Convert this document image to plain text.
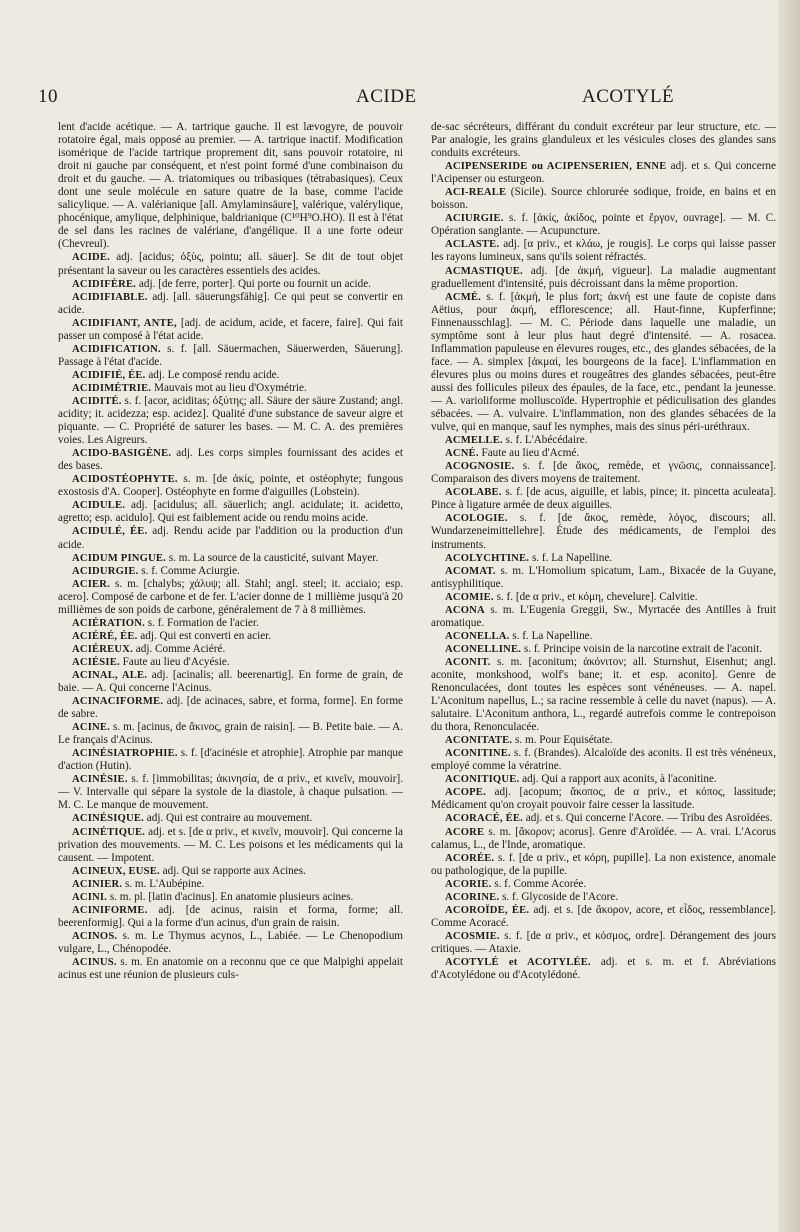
10	ACIDE	ACOTYLÉ

lent d'acide acétique. — A. tartrique gauche. Il est lævogyre, de pouvoir rotatoire égal, mais opposé au premier. — A. tartrique inactif. Modification isomérique de l'acide tartrique proprement dit, sans pouvoir rotatoire, ni droit ni gauche par conséquent, et n'est point formé d'une combinaison du droit et du gauche. — A. triatomiques ou tribasiques (tétrabasiques). Ceux dont une seule molécule en sature quatre de la base, comme l'acide salicylique. — A. valérianique [all. Amylaminsäure], valérique, valérylique, phocénique, amylique, delphinique, baldrianique (C¹⁰H⁹O.HO). Il est à l'état de sel dans les racines de valériane, d'angélique. Il a une forte odeur (Chevreul).

ACIDE. adj. [acidus; ὀξὺς, pointu; all. säuer]. Se dit de tout objet présentant la saveur ou les caractères essentiels des acides.

ACIDIFÈRE. adj. [de ferre, porter]. Qui porte ou fournit un acide.

ACIDIFIABLE. adj. [all. säuerungsfähig]. Ce qui peut se convertir en acide.

ACIDIFIANT, ANTE, [adj. de acidum, acide, et facere, faire]. Qui fait passer un composé à l'état acide.

ACIDIFICATION. s. f. [all. Säuermachen, Säuerwerden, Säuerung]. Passage à l'état d'acide.

ACIDIFIÉ, ÉE. adj. Le composé rendu acide.

ACIDIMÉTRIE. Mauvais mot au lieu d'Oxymétrie.

ACIDITÉ. s. f. [acor, aciditas; ὀξύτης; all. Säure der säure Zustand; angl. acidity; it. acidezza; esp. acidez]. Qualité d'une substance de saveur aigre et piquante. — C. Propriété de saturer les bases. — M. C. A. des premières voies. Les Aigreurs.

ACIDO-BASIGÈNE. adj. Les corps simples fournissant des acides et des bases.

ACIDOSTÉOPHYTE. s. m. [de ἀκίς, pointe, et ostéophyte; fungous exostosis d'A. Cooper]. Ostéophyte en forme d'aiguilles (Lobstein).

ACIDULE. adj. [acidulus; all. säuerlich; angl. acidulate; it. acidetto, agretto; esp. acidulo]. Qui est faiblement acide ou rendu moins acide.

ACIDULÉ, ÉE. adj. Rendu acide par l'addition ou la production d'un acide.

ACIDUM PINGUE. s. m. La source de la causticité, suivant Mayer.

ACIDURGIE. s. f. Comme Aciurgie.

ACIER. s. m. [chalybs; χάλυψ; all. Stahl; angl. steel; it. acciaio; esp. acero]. Composé de carbone et de fer. L'acier donne de 1 millième jusqu'à 20 millièmes de son poids de carbone, généralement de 7 à 8 millièmes.

ACIÉRATION. s. f. Formation de l'acier.

ACIÉRÉ, ÉE. adj. Qui est converti en acier.

ACIÉREUX. adj. Comme Aciéré.

ACIÉSIE. Faute au lieu d'Acyésie.

ACINAL, ALE. adj. [acinalis; all. beerenartig]. En forme de grain, de baie. — A. Qui concerne l'Acinus.

ACINACIFORME. adj. [de acinaces, sabre, et forma, forme]. En forme de sabre.

ACINE. s. m. [acinus, de ἄκινος, grain de raisin]. — B. Petite baie. — A. Le français d'Acinus.

ACINÉSIATROPHIE. s. f. [d'acinésie et atrophie]. Atrophie par manque d'action (Hutin).

ACINÉSIE. s. f. [immobilitas; ἀκινησία, de α priv., et κινεῖν, mouvoir]. — V. Intervalle qui sépare la systole de la diastole, à chaque pulsation. — M. C. Le manque de mouvement.

ACINÉSIQUE. adj. Qui est contraire au mouvement.

ACINÉTIQUE. adj. et s. [de α priv., et κινεῖν, mouvoir]. Qui concerne la privation des mouvements. — M. C. Les poisons et les médicaments qui la causent. — Impotent.

ACINEUX, EUSE. adj. Qui se rapporte aux Acines.

ACINIER. s. m. L'Aubépine.

ACINI. s. m. pl. [latin d'acinus]. En anatomie plusieurs acines.

ACINIFORME. adj. [de acinus, raisin et forma, forme; all. beerenformig]. Qui a la forme d'un acinus, d'un grain de raisin.

ACINOS. s. m. Le Thymus acynos, L., Labiée. — Le Chenopodium vulgare, L., Chénopodée.

ACINUS. s. m. En anatomie on a reconnu que ce que Malpighi appelait acinus est une réunion de plusieurs culs-

de-sac sécréteurs, différant du conduit excréteur par leur structure, etc. — Par analogie, les grains glanduleux et les vésicules closes des glandes sans conduits excréteurs.

ACIPENSERIDE ou ACIPENSERIEN, ENNE adj. et s. Qui concerne l'Acipenser ou esturgeon.

ACI-REALE (Sicile). Source chlorurée sodique, froide, en bains et en boisson.

ACIURGIE. s. f. [ἀκίς, ἀκίδος, pointe et ἔργον, ouvrage]. — M. C. Opération sanglante. — Acupuncture.

ACLASTE. adj. [α priv., et κλάω, je rougis]. Le corps qui laisse passer les rayons lumineux, sans qu'ils soient réfractés.

ACMASTIQUE. adj. [de ἀκμή, vigueur]. La maladie augmentant graduellement d'intensité, puis décroissant dans la même proportion.

ACMÉ. s. f. [ἀκμή, le plus fort; ἀκνή est une faute de copiste dans Aëtius, pour ἀκμή, efflorescence; all. Haut-finne, Kupferfinne; Finnenausschlag]. — M. C. Période dans laquelle une maladie, un symptôme sont à leur plus haut degré d'intensité. — A. rosacea. Inflammation papuleuse en élevures rouges, etc., des glandes sébacées, de la face. — A. simplex [ἀκμαί, les bourgeons de la face]. L'inflammation en élevures plus ou moins dures et rougeâtres des glandes sébacées, peut-être aussi des follicules pileux des épaules, de la face, etc., pendant la jeunesse. — A. varioliforme molluscoïde. Hypertrophie et pédiculisation des glandes sébacées. — A. vulvaire. L'inflammation, non des glandes sébacées de la vulve, qui en manque, sauf les nymphes, mais des sinus péri-uréthraux.

ACMELLE. s. f. L'Abécédaire.

ACNÉ. Faute au lieu d'Acmé.

ACOGNOSIE. s. f. [de ἄκος, remède, et γνῶσις, connaissance]. Comparaison des divers moyens de traitement.

ACOLABE. s. f. [de acus, aiguille, et labis, pince; it. pincetta aculeata]. Pince à ligature armée de deux aiguilles.

ACOLOGIE. s. f. [de ἄκος, remède, λόγος, discours; all. Wundarzeneimittellehre]. Étude des médicaments, de l'emploi des instruments.

ACOLYCHTINE. s. f. La Napelline.

ACOMAT. s. m. L'Homolium spicatum, Lam., Bixacée de la Guyane, antisyphilitique.

ACOMIE. s. f. [de α priv., et κόμη, chevelure]. Calvitie.

ACONA s. m. L'Eugenia Greggii, Sw., Myrtacée des Antilles à fruit aromatique.

ACONELLA. s. f. La Napelline.

ACONELLINE. s. f. Principe voisin de la narcotine extrait de l'aconit.

ACONIT. s. m. [aconitum; ἀκόνιτον; all. Sturnshut, Eisenhut; angl. aconite, monkshood, wolf's bane; it. et esp. aconito]. Genre de Renonculacées, dont toutes les espèces sont vénéneuses. — A. napel. L'Aconitum napellus, L.; sa racine ressemble à celle du navet (napus). — A. salutaire. L'Aconitum anthora, L., regardé autrefois comme le contrepoison du thora, Renonculacée.

ACONITATE. s. m. Pour Equisétate.

ACONITINE. s. f. (Brandes). Alcaloïde des aconits. Il est très vénéneux, employé comme la vératrine.

ACONITIQUE. adj. Qui a rapport aux aconits, à l'aconitine.

ACOPE. adj. [acopum; ἄκοπος, de α priv., et κόπος, lassitude; Médicament qu'on croyait pouvoir faire cesser la lassitude.

ACORACÉ, ÉE. adj. et s. Qui concerne l'Acore. — Tribu des Asroïdées.

ACORE s. m. [ἄκορον; acorus]. Genre d'Aroïdée. — A. vrai. L'Acorus calamus, L., de l'Inde, aromatique.

ACORÉE. s. f. [de α priv., et κόρη, pupille]. La non existence, anomale ou pathologique, de la pupille.

ACORIE. s. f. Comme Acorée.

ACORINE. s. f. Glycoside de l'Acore.

ACOROÏDE, ÉE. adj. et s. [de ἄκορον, acore, et εἶδος, ressemblance]. Comme Acoracé.

ACOSMIE. s. f. [de α priv., et κόσμος, ordre]. Dérangement des jours critiques. — Ataxie.

ACOTYLÉ et ACOTYLÉE. adj. et s. m. et f. Abréviations d'Acotylédone ou d'Acotylédoné.
